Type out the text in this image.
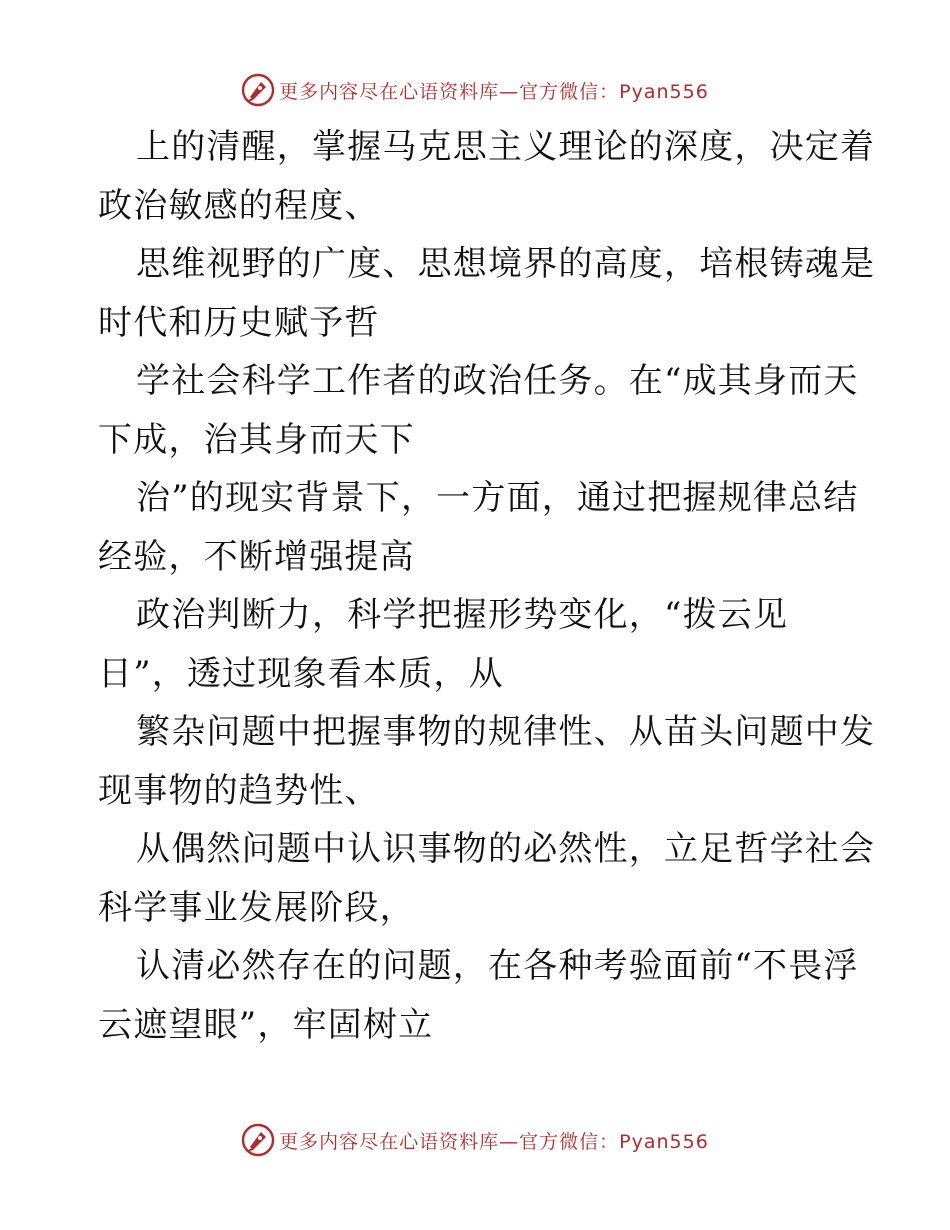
更多内容尽在心语资料库—官方微信：Pyan556
上的清醒，掌握马克思主义理论的深度，决定着
政治敏感的程度、
思维视野的广度、思想境界的高度，培根铸魂是
时代和历史赋予哲
学社会科学工作者的政治任务。在“成其身而天
下成，治其身而天下
治”的现实背景下，一方面，通过把握规律总结
经验，不断增强提高
政治判断力，科学把握形势变化，“拨云见
日”，透过现象看本质，从
繁杂问题中把握事物的规律性、从苗头问题中发
现事物的趋势性、
从偶然问题中认识事物的必然性，立足哲学社会
科学事业发展阶段，
认清必然存在的问题，在各种考验面前“不畏浮
云遮望眼”，牢固树立
更多内容尽在心语资料库—官方微信：Pyan556
